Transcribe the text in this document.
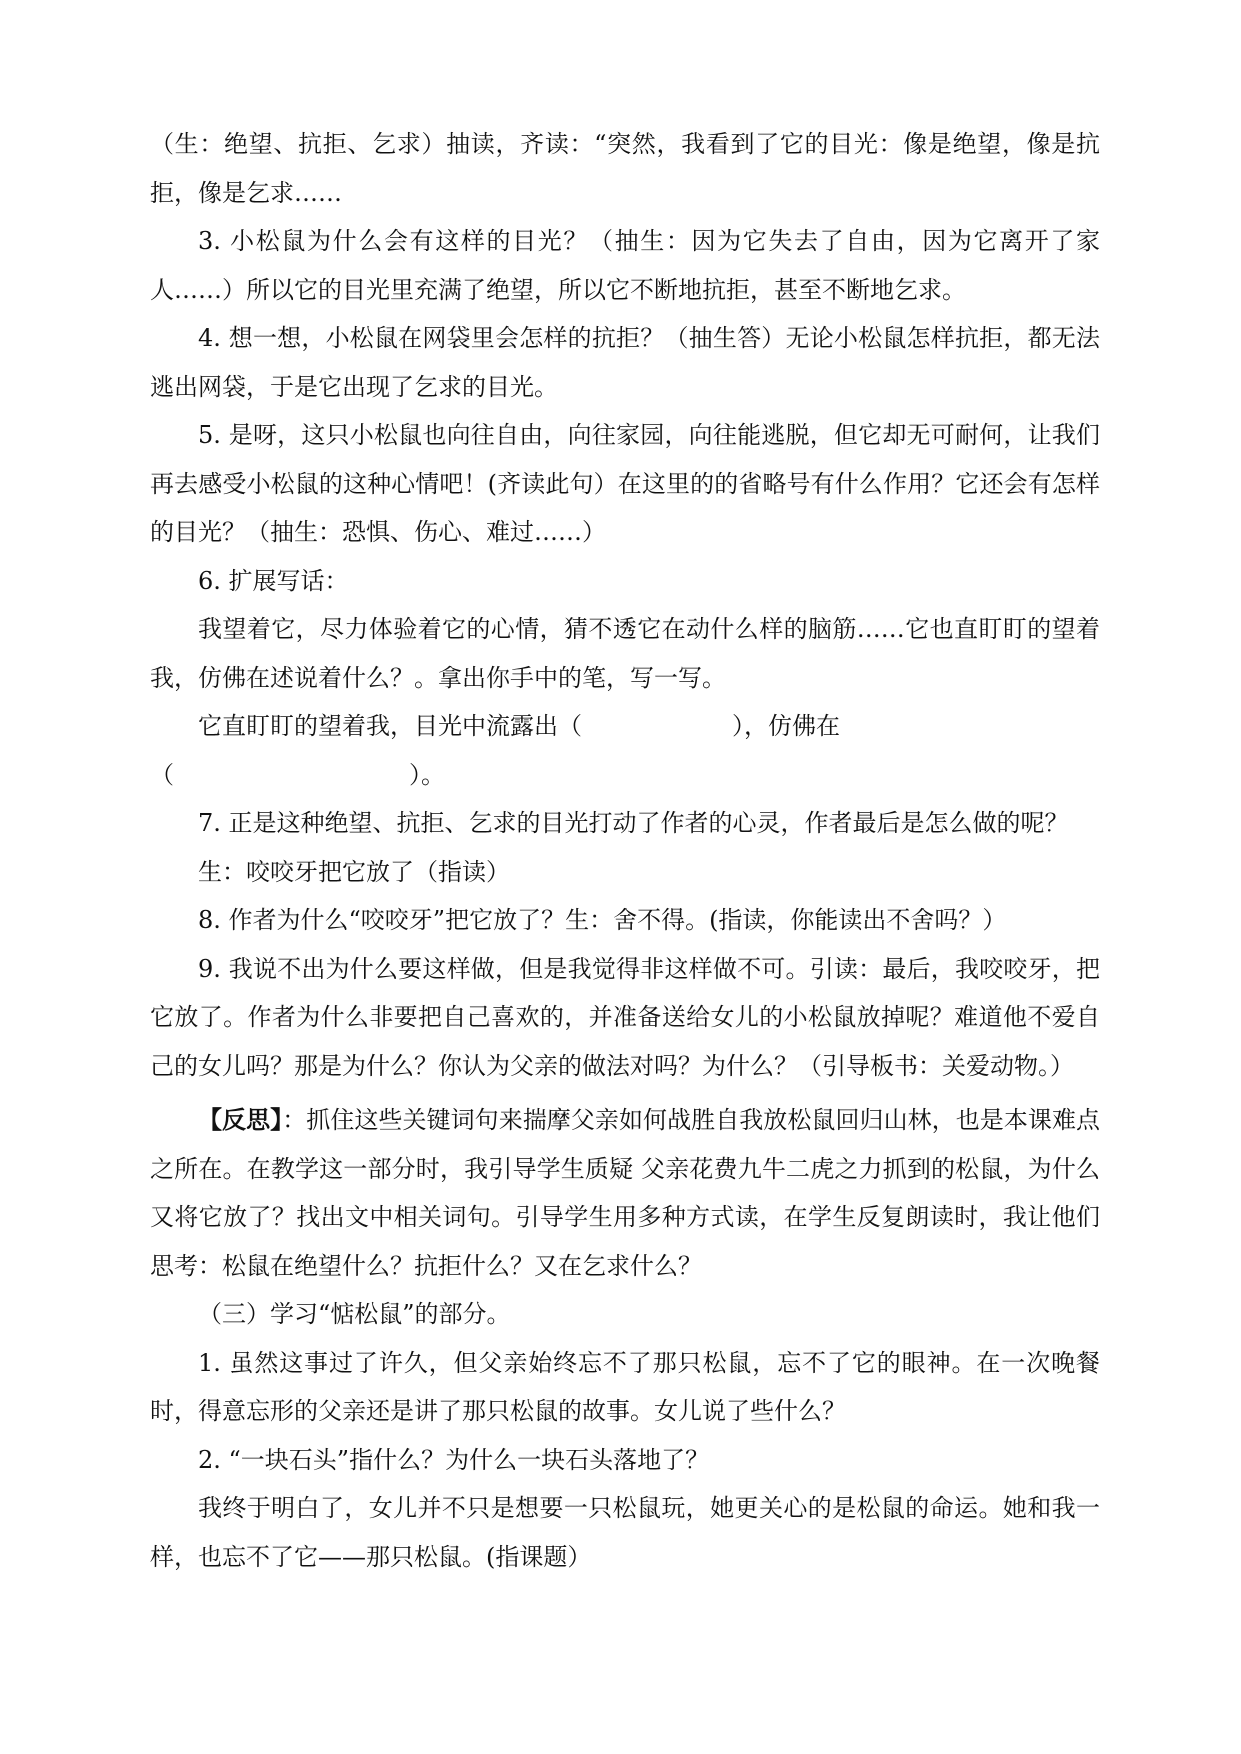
（生：绝望、抗拒、乞求）抽读，齐读：“突然，我看到了它的目光：像是绝望，像是抗拒，像是乞求……

3. 小松鼠为什么会有这样的目光？（抽生：因为它失去了自由，因为它离开了家人……）所以它的目光里充满了绝望，所以它不断地抗拒，甚至不断地乞求。

4. 想一想，小松鼠在网袋里会怎样的抗拒？（抽生答）无论小松鼠怎样抗拒，都无法逃出网袋，于是它出现了乞求的目光。

5. 是呀，这只小松鼠也向往自由，向往家园，向往能逃脱，但它却无可耐何，让我们再去感受小松鼠的这种心情吧！(齐读此句）在这里的的省略号有什么作用？它还会有怎样的目光？（抽生：恐惧、伤心、难过……）

6. 扩展写话：

我望着它，尽力体验着它的心情，猜不透它在动什么样的脑筋……它也直盯盯的望着我，仿佛在述说着什么？。拿出你手中的笔，写一写。

它直盯盯的望着我，目光中流露出（	），仿佛在

（	）。

7. 正是这种绝望、抗拒、乞求的目光打动了作者的心灵，作者最后是怎么做的呢？

生：咬咬牙把它放了（指读）

8. 作者为什么“咬咬牙”把它放了？生：舍不得。(指读，你能读出不舍吗？）

9. 我说不出为什么要这样做，但是我觉得非这样做不可。引读：最后，我咬咬牙，把它放了。作者为什么非要把自己喜欢的，并准备送给女儿的小松鼠放掉呢？难道他不爱自己的女儿吗？那是为什么？你认为父亲的做法对吗？为什么？（引导板书：关爱动物。）

【反思】：抓住这些关键词句来揣摩父亲如何战胜自我放松鼠回归山林，也是本课难点之所在。在教学这一部分时，我引导学生质疑 父亲花费九牛二虎之力抓到的松鼠，为什么又将它放了？找出文中相关词句。引导学生用多种方式读，在学生反复朗读时，我让他们思考：松鼠在绝望什么？抗拒什么？又在乞求什么？

（三）学习“惦松鼠”的部分。

1. 虽然这事过了许久，但父亲始终忘不了那只松鼠，忘不了它的眼神。在一次晚餐时，得意忘形的父亲还是讲了那只松鼠的故事。女儿说了些什么？

2. “一块石头”指什么？为什么一块石头落地了？

我终于明白了，女儿并不只是想要一只松鼠玩，她更关心的是松鼠的命运。她和我一样，也忘不了它——那只松鼠。(指课题）
